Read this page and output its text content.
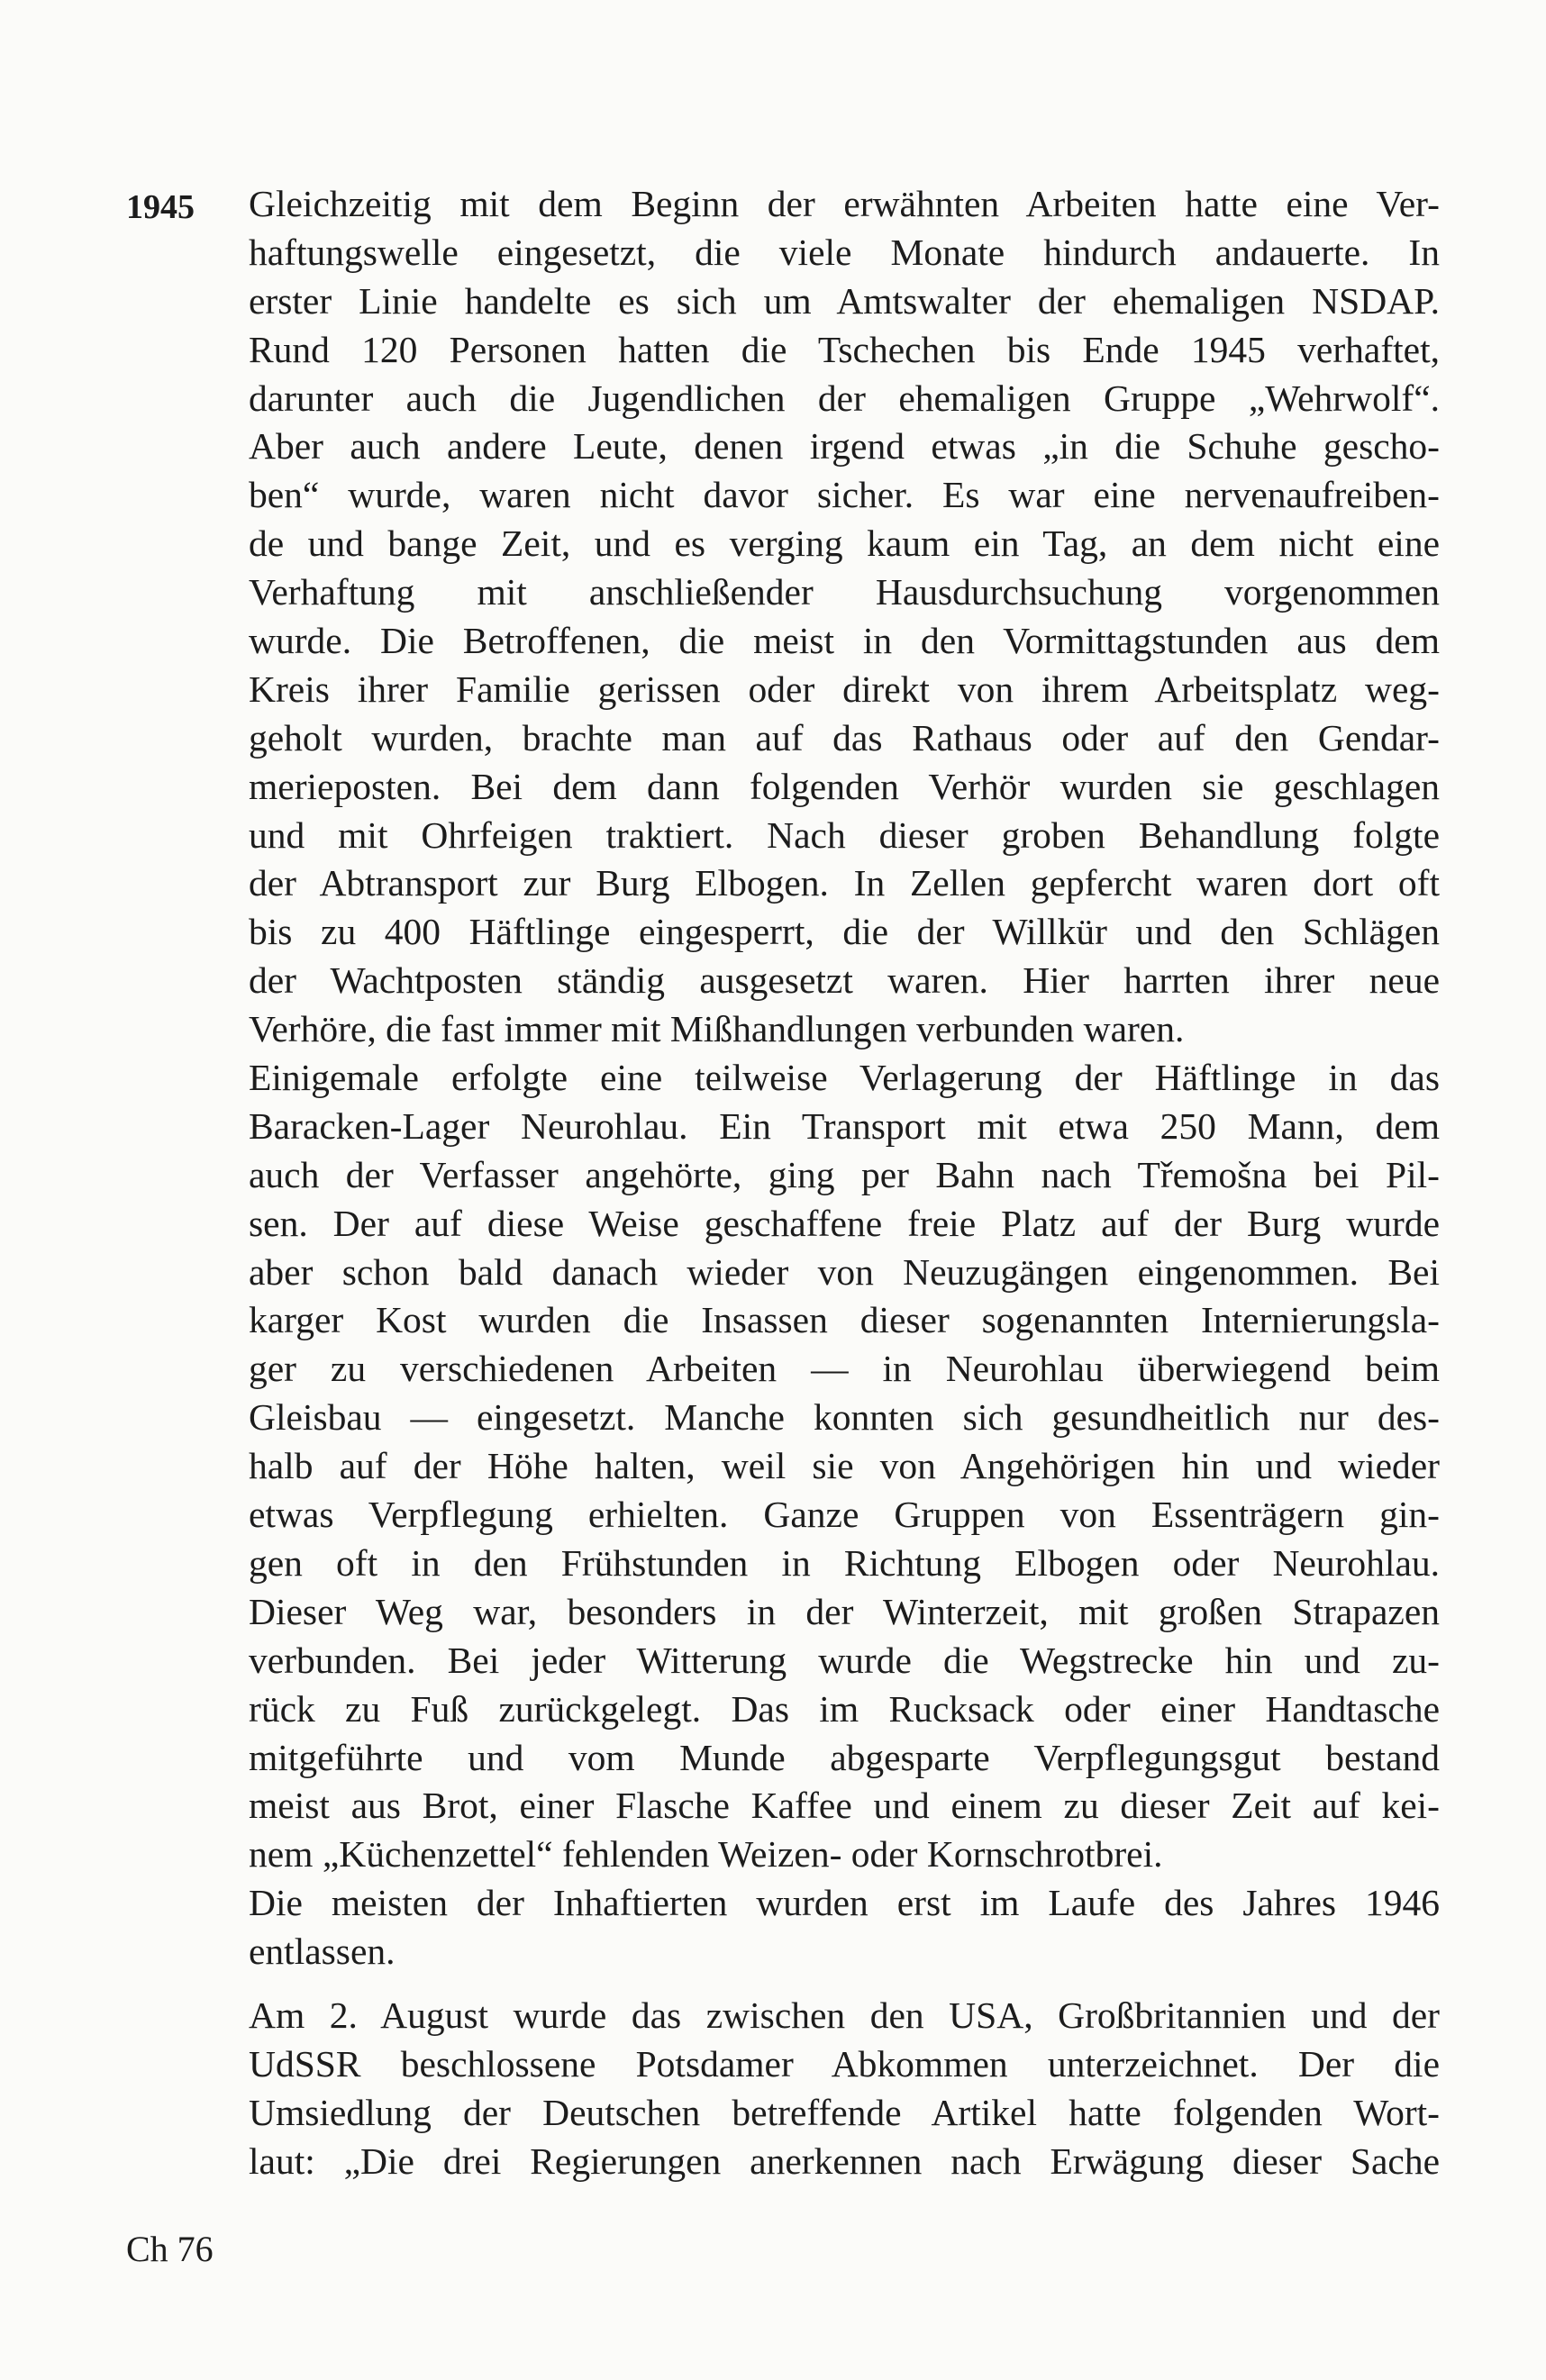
1945 Gleichzeitig mit dem Beginn der erwähnten Arbeiten hatte eine Ver-
haftungswelle eingesetzt, die viele Monate hindurch andauerte. In
erster Linie handelte es sich um Amtswalter der ehemaligen NSDAP.
Rund 120 Personen hatten die Tschechen bis Ende 1945 verhaftet,
darunter auch die Jugendlichen der ehemaligen Gruppe „Wehrwolf“.
Aber auch andere Leute, denen irgend etwas „in die Schuhe gescho-
ben“ wurde, waren nicht davor sicher. Es war eine nervenaufreiben-
de und bange Zeit, und es verging kaum ein Tag, an dem nicht eine
Verhaftung mit anschließender Hausdurchsuchung vorgenommen
wurde. Die Betroffenen, die meist in den Vormittagstunden aus dem
Kreis ihrer Familie gerissen oder direkt von ihrem Arbeitsplatz weg-
geholt wurden, brachte man auf das Rathaus oder auf den Gendar-
merieposten. Bei dem dann folgenden Verhör wurden sie geschlagen
und mit Ohrfeigen traktiert. Nach dieser groben Behandlung folgte
der Abtransport zur Burg Elbogen. In Zellen gepfercht waren dort oft
bis zu 400 Häftlinge eingesperrt, die der Willkür und den Schlägen
der Wachtposten ständig ausgesetzt waren. Hier harrten ihrer neue
Verhöre, die fast immer mit Mißhandlungen verbunden waren.
Einigemale erfolgte eine teilweise Verlagerung der Häftlinge in das
Baracken-Lager Neurohlau. Ein Transport mit etwa 250 Mann, dem
auch der Verfasser angehörte, ging per Bahn nach Třemošna bei Pil-
sen. Der auf diese Weise geschaffene freie Platz auf der Burg wurde
aber schon bald danach wieder von Neuzugängen eingenommen. Bei
karger Kost wurden die Insassen dieser sogenannten Internierungsla-
ger zu verschiedenen Arbeiten — in Neurohlau überwiegend beim
Gleisbau — eingesetzt. Manche konnten sich gesundheitlich nur des-
halb auf der Höhe halten, weil sie von Angehörigen hin und wieder
etwas Verpflegung erhielten. Ganze Gruppen von Essenträgern gin-
gen oft in den Frühstunden in Richtung Elbogen oder Neurohlau.
Dieser Weg war, besonders in der Winterzeit, mit großen Strapazen
verbunden. Bei jeder Witterung wurde die Wegstrecke hin und zu-
rück zu Fuß zurückgelegt. Das im Rucksack oder einer Handtasche
mitgeführte und vom Munde abgesparte Verpflegungsgut bestand
meist aus Brot, einer Flasche Kaffee und einem zu dieser Zeit auf kei-
nem „Küchenzettel“ fehlenden Weizen- oder Kornschrotbrei.
Die meisten der Inhaftierten wurden erst im Laufe des Jahres 1946
entlassen.
Am 2. August wurde das zwischen den USA, Großbritannien und der
UdSSR beschlossene Potsdamer Abkommen unterzeichnet. Der die
Umsiedlung der Deutschen betreffende Artikel hatte folgenden Wort-
laut: „Die drei Regierungen anerkennen nach Erwägung dieser Sache
Ch 76
